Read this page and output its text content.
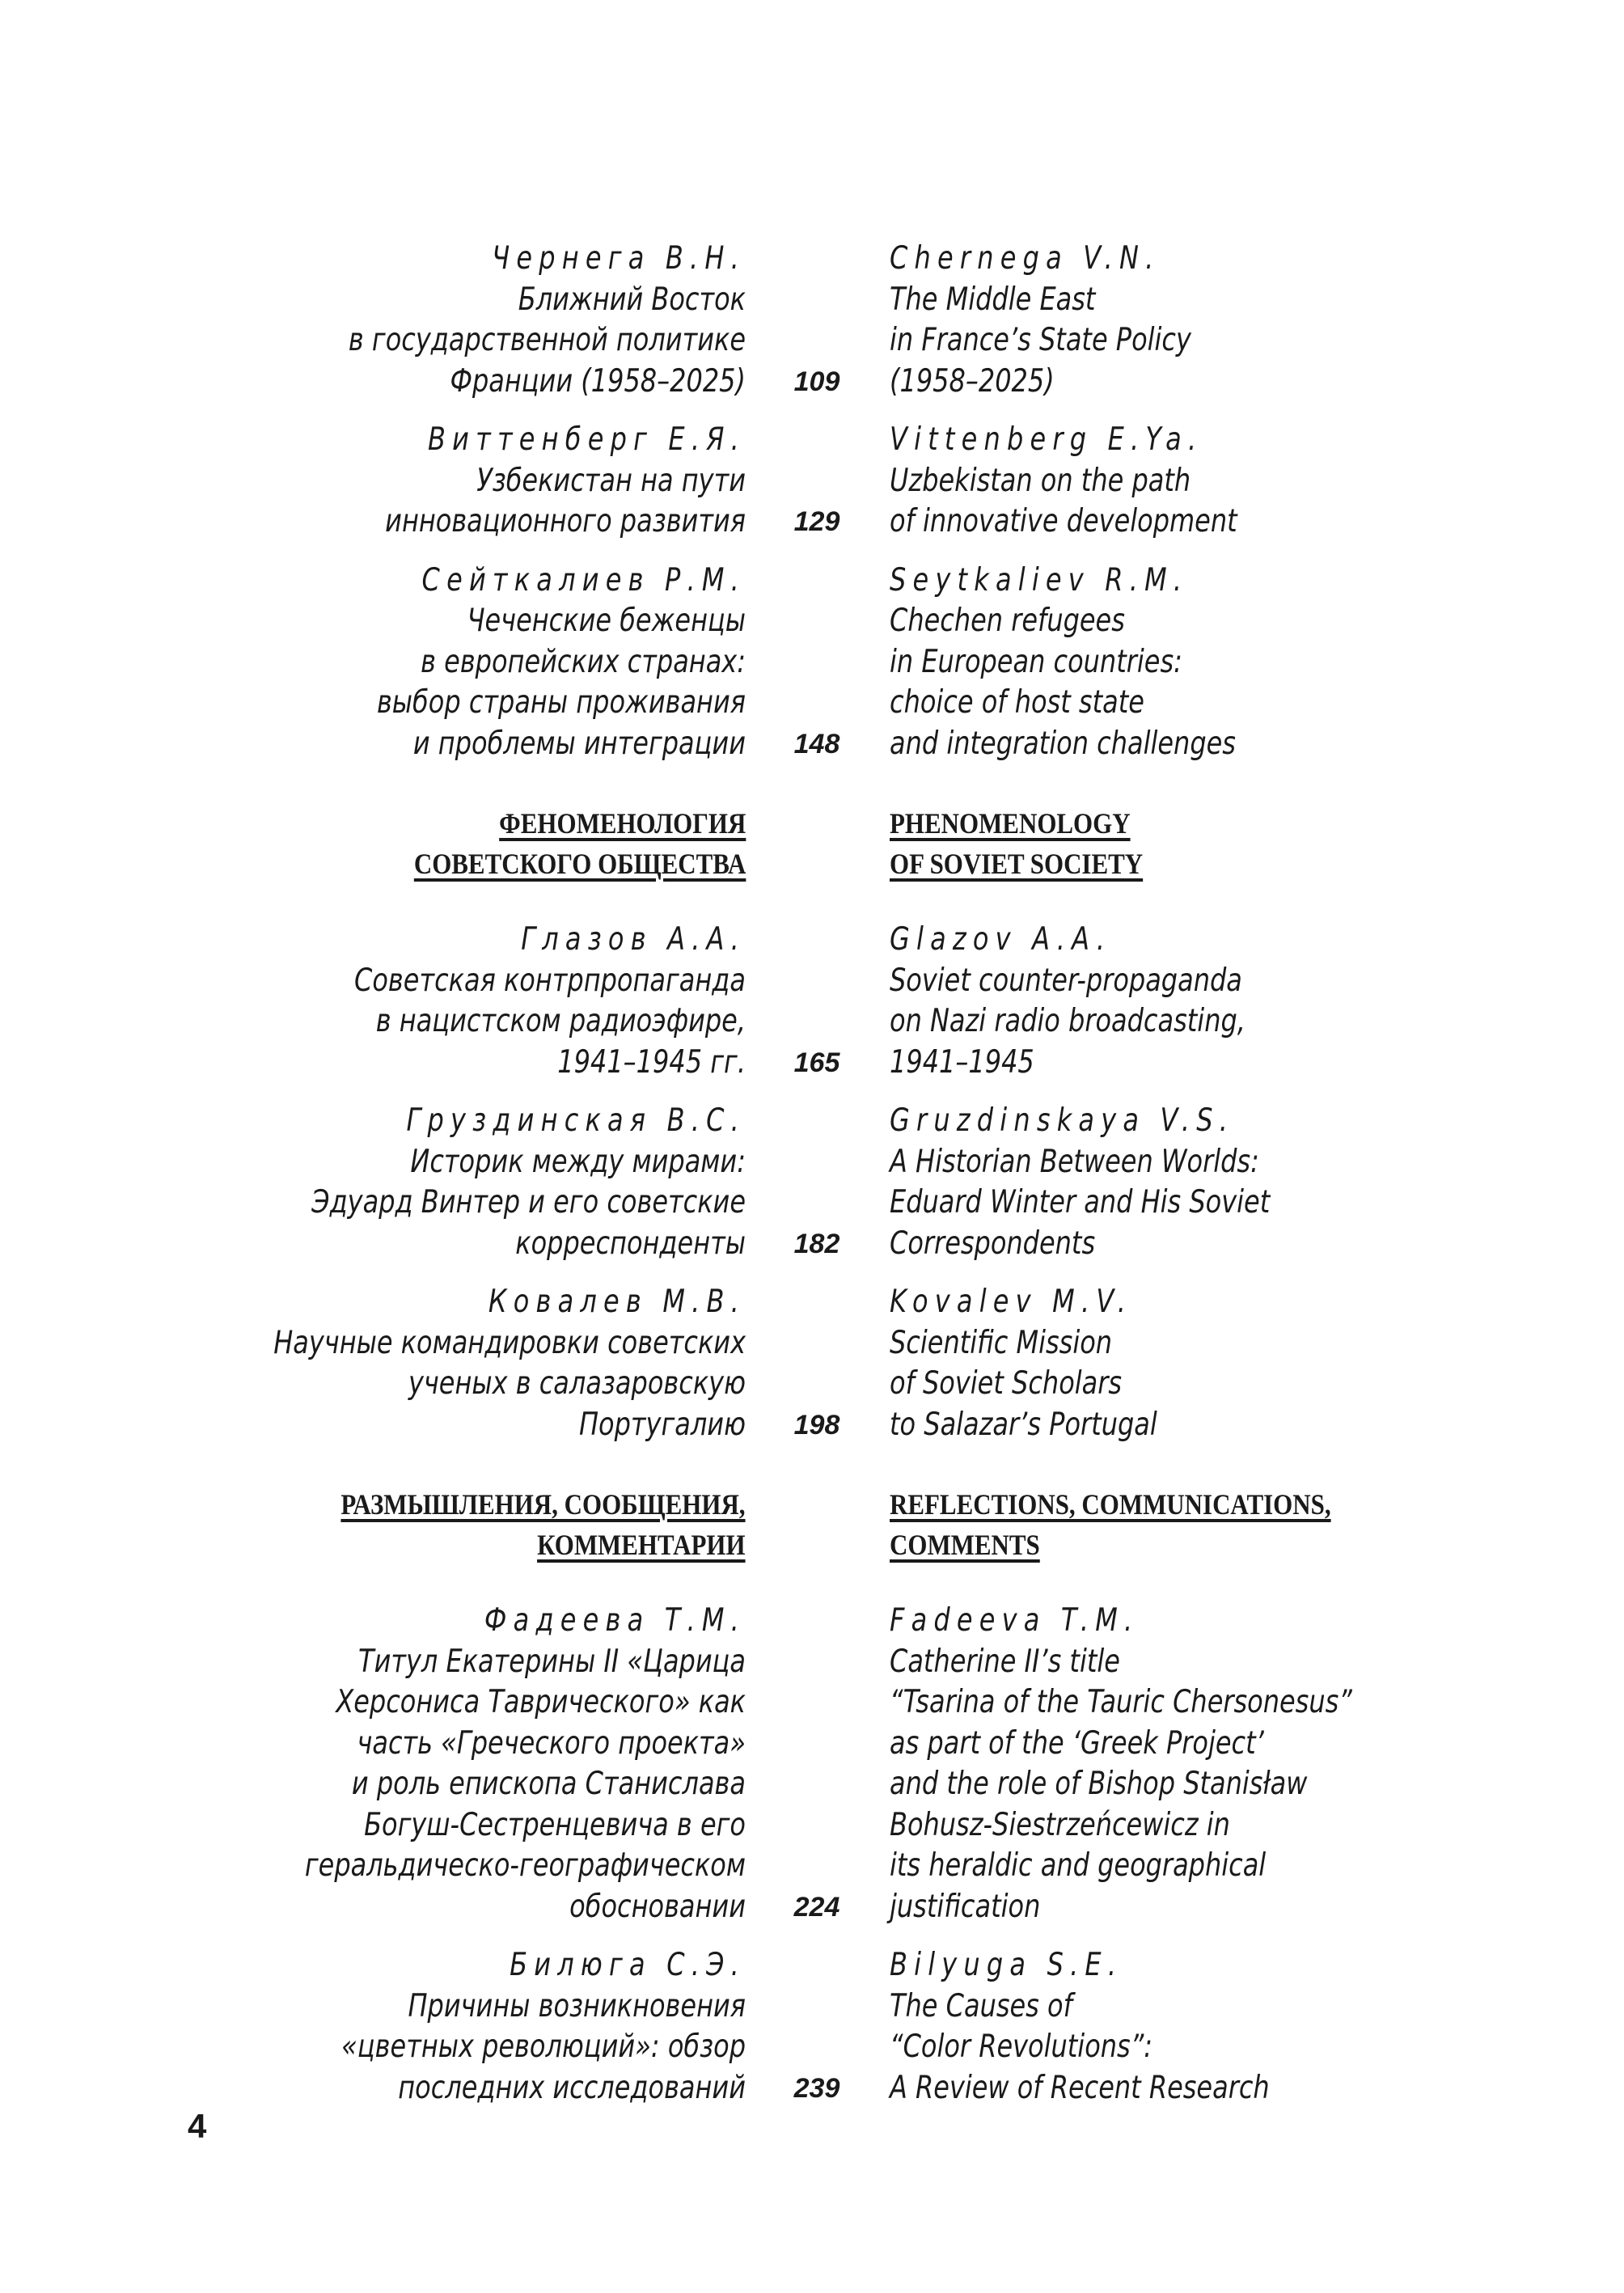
Чернега В.Н.
Ближний Восток
в государственной политике
Франции (1958–2025)
Chernega V.N.
The Middle East
in France’s State Policy
(1958–2025)
109
Виттенберг Е.Я.
Узбекистан на пути
инновационного развития
Vittenberg E.Ya.
Uzbekistan on the path
of innovative development
129
Сейткалиев Р.М.
Чеченские беженцы
в европейских странах:
выбор страны проживания
и проблемы интеграции
Seytkaliev R.M.
Chechen refugees
in European countries:
choice of host state
and integration challenges
148
ФЕНОМЕНОЛОГИЯ
СОВЕТСКОГО ОБЩЕСТВА
PHENOMENOLOGY
OF SOVIET SOCIETY
Глазов А.А.
Советская контрпропаганда
в нацистском радиоэфире,
1941–1945 гг.
Glazov A.A.
Soviet counter-propaganda
on Nazi radio broadcasting,
1941–1945
165
Груздинская В.С.
Историк между мирами:
Эдуард Винтер и его советские
корреспонденты
Gruzdinskaya V.S.
A Historian Between Worlds:
Eduard Winter and His Soviet
Correspondents
182
Ковалев М.В.
Научные командировки советских
ученых в салазаровскую
Португалию
Kovalev M.V.
Scientific Mission
of Soviet Scholars
to Salazar’s Portugal
198
РАЗМЫШЛЕНИЯ, СООБЩЕНИЯ,
КОММЕНТАРИИ
REFLECTIONS, COMMUNICATIONS,
COMMENTS
Фадеева Т.М.
Титул Екатерины II «Царица
Херсониса Таврического» как
часть «Греческого проекта»
и роль епископа Станислава
Богуш-Сестренцевича в его
геральдическо-географическом
обосновании
Fadeeva T.M.
Catherine II’s title
“Tsarina of the Tauric Chersonesus”
as part of the ‘Greek Project’
and the role of Bishop Stanisław
Bohusz-Siestrzeńcewicz in
its heraldic and geographical
justification
224
Билюга С.Э.
Причины возникновения
«цветных революций»: обзор
последних исследований
Bilyuga S.E.
The Causes of
“Color Revolutions”:
A Review of Recent Research
239
4
